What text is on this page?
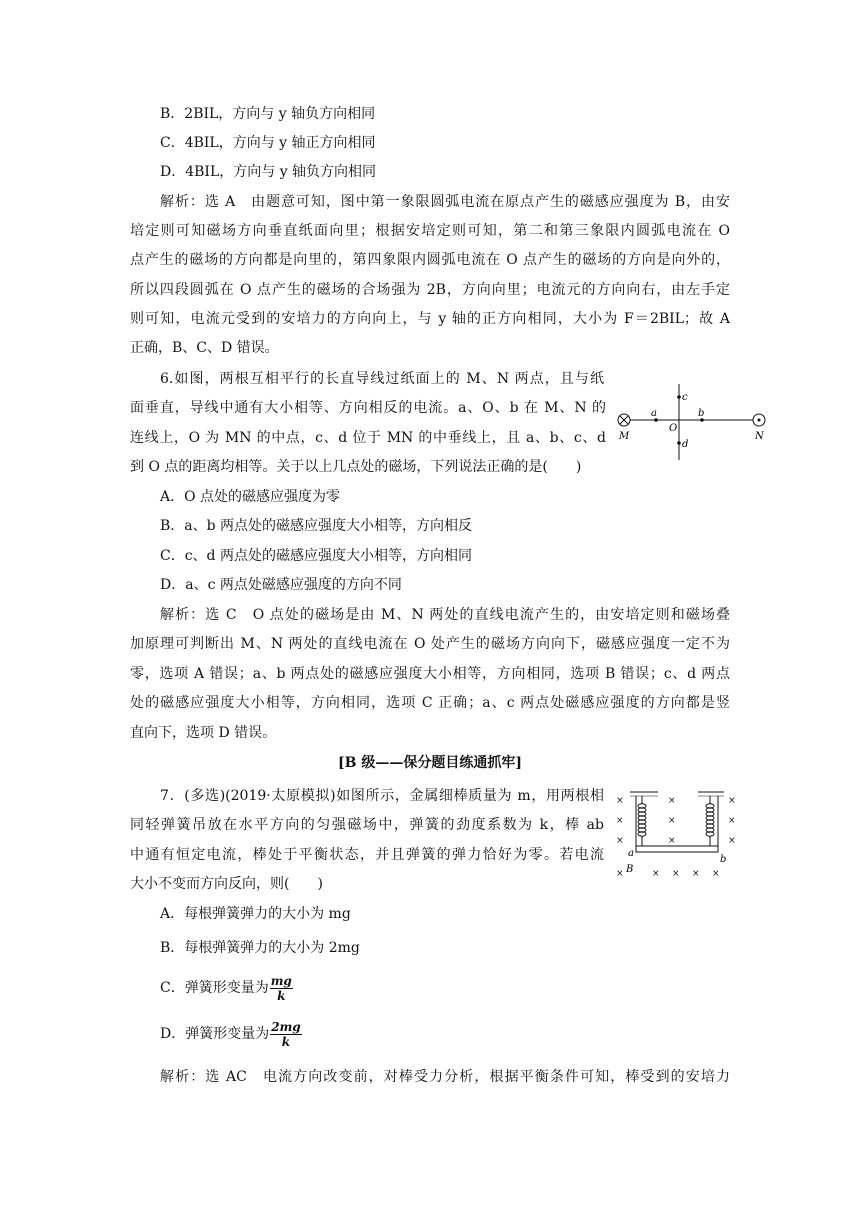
B．2BIL，方向与 y 轴负方向相同
C．4BIL，方向与 y 轴正方向相同
D．4BIL，方向与 y 轴负方向相同
解析：选 A　由题意可知，图中第一象限圆弧电流在原点产生的磁感应强度为 B，由安
培定则可知磁场方向垂直纸面向里；根据安培定则可知，第二和第三象限内圆弧电流在 O
点产生的磁场的方向都是向里的，第四象限内圆弧电流在 O 点产生的磁场的方向是向外的，
所以四段圆弧在 O 点产生的磁场的合场强为 2B，方向向里；电流元的方向向右，由左手定
则可知，电流元受到的安培力的方向向上，与 y 轴的正方向相同，大小为 F＝2BIL；故 A
正确，B、C、D 错误。
6.如图，两根互相平行的长直导线过纸面上的 M、N 两点，且与纸
面垂直，导线中通有大小相等、方向相反的电流。a、O、b 在 M、N 的
连线上，O 为 MN 的中点，c、d 位于 MN 的中垂线上，且 a、b、c、d
到 O 点的距离均相等。关于以上几点处的磁场，下列说法正确的是(　　)
M	N
a	b
c
d
O
A．O 点处的磁感应强度为零
B．a、b 两点处的磁感应强度大小相等，方向相反
C．c、d 两点处的磁感应强度大小相等，方向相同
D．a、c 两点处磁感应强度的方向不同
解析：选 C　O 点处的磁场是由 M、N 两处的直线电流产生的，由安培定则和磁场叠
加原理可判断出 M、N 两处的直线电流在 O 处产生的磁场方向向下，磁感应强度一定不为
零，选项 A 错误；a、b 两点处的磁感应强度大小相等，方向相同，选项 B 错误；c、d 两点
处的磁感应强度大小相等，方向相同，选项 C 正确；a、c 两点处磁感应强度的方向都是竖
直向下，选项 D 错误。
[B 级——保分题目练通抓牢]
7．(多选)(2019·太原模拟)如图所示，金属细棒质量为 m，用两根相
同轻弹簧吊放在水平方向的匀强磁场中，弹簧的劲度系数为 k，棒 ab
中通有恒定电流，棒处于平衡状态，并且弹簧的弹力恰好为零。若电流
大小不变而方向反向，则(　　)
×
×
×
×
×
×
×
× × ×
×
×
×
×
a
b
B
A．每根弹簧弹力的大小为 mg
B．每根弹簧弹力的大小为 2mg
C．弹簧形变量为 $\frac{mg}{k}$
D．弹簧形变量为 $\frac{2mg}{k}$
解析：选 AC　电流方向改变前，对棒受力分析，根据平衡条件可知，棒受到的安培力
